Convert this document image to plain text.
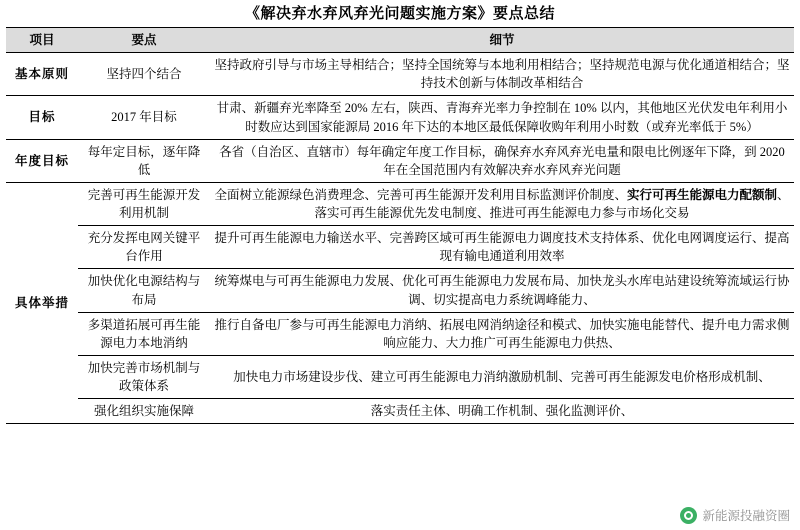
《解决弃水弃风弃光问题实施方案》要点总结
项目	要点	细节
基本原则	坚持四个结合	坚持政府引导与市场主导相结合；坚持全国统筹与本地利用相结合；坚持规范电源与优化通道相结合；坚持技术创新与体制改革相结合
目标	2017 年目标	甘肃、新疆弃光率降至 20% 左右，陕西、青海弃光率力争控制在 10% 以内，其他地区光伏发电年利用小时数应达到国家能源局 2016 年下达的本地区最低保障收购年利用小时数（或弃光率低于 5%）
年度目标	每年定目标，逐年降低	各省（自治区、直辖市）每年确定年度工作目标，确保弃水弃风弃光电量和限电比例逐年下降，到 2020 年在全国范围内有效解决弃水弃风弃光问题
具体举措	完善可再生能源开发利用机制	全面树立能源绿色消费理念、完善可再生能源开发利用目标监测评价制度、实行可再生能源电力配额制、落实可再生能源优先发电制度、推进可再生能源电力参与市场化交易
	充分发挥电网关键平台作用	提升可再生能源电力输送水平、完善跨区域可再生能源电力调度技术支持体系、优化电网调度运行、提高现有输电通道利用效率
	加快优化电源结构与布局	统筹煤电与可再生能源电力发展、优化可再生能源电力发展布局、加快龙头水库电站建设统筹流域运行协调、切实提高电力系统调峰能力、
	多渠道拓展可再生能源电力本地消纳	推行自备电厂参与可再生能源电力消纳、拓展电网消纳途径和模式、加快实施电能替代、提升电力需求侧响应能力、大力推广可再生能源电力供热、
	加快完善市场机制与政策体系	加快电力市场建设步伐、建立可再生能源电力消纳激励机制、完善可再生能源发电价格形成机制、
	强化组织实施保障	落实责任主体、明确工作机制、强化监测评价、
新能源投融资圈
